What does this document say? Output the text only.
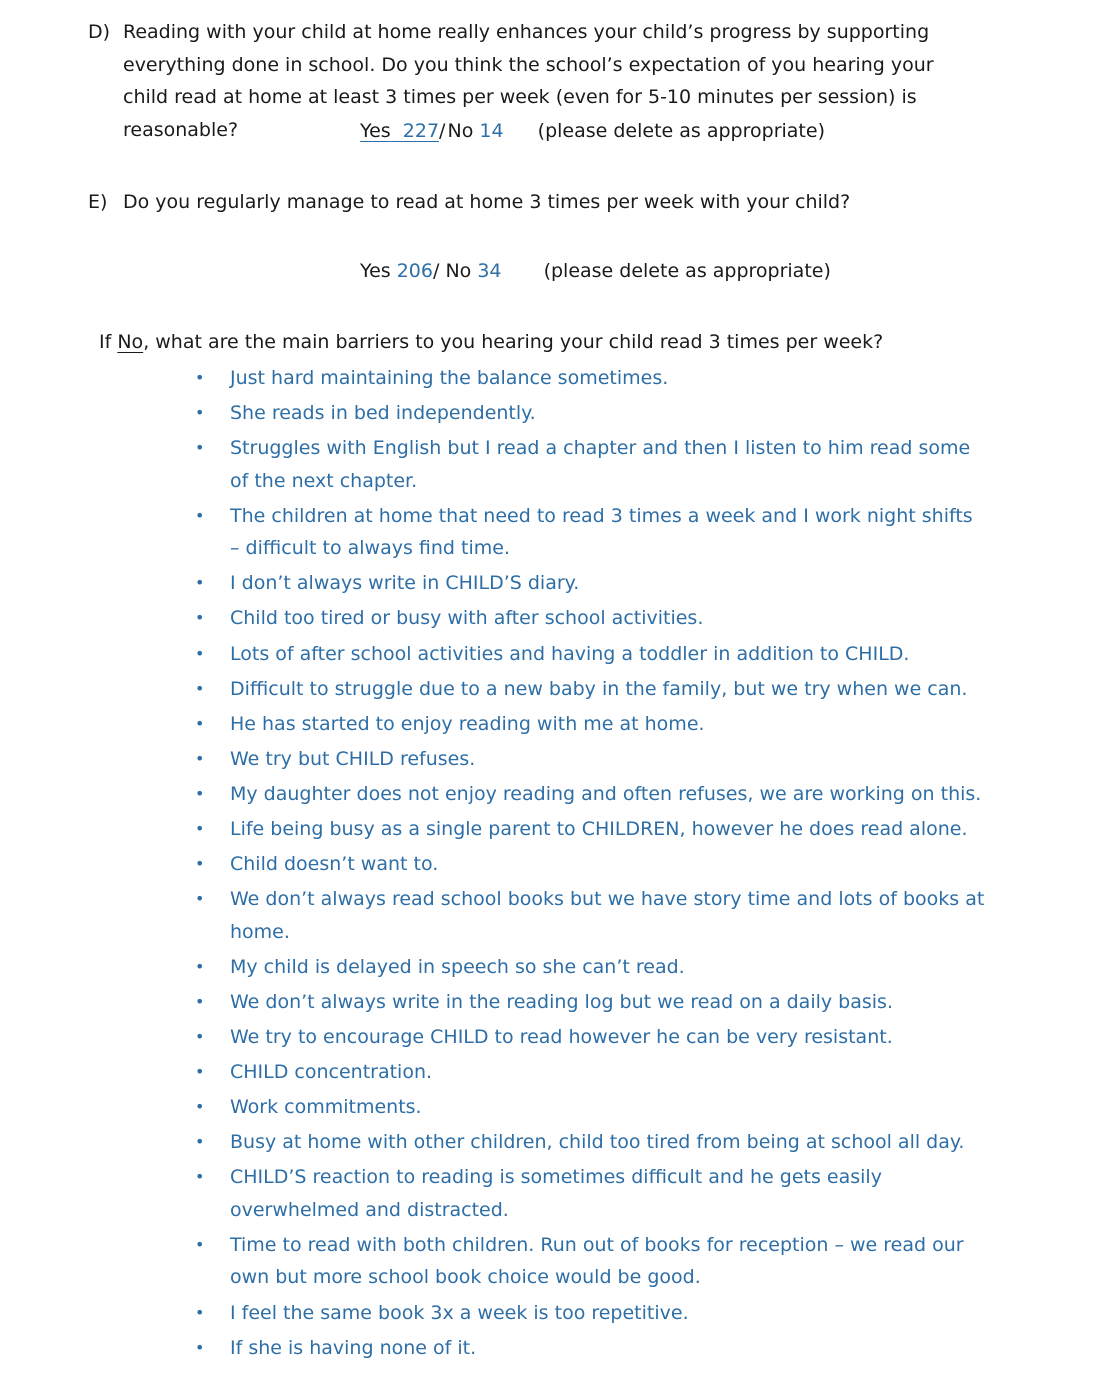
D) Reading with your child at home really enhances your child’s progress by supporting everything done in school. Do you think the school’s expectation of you hearing your child read at home at least 3 times per week (even for 5-10 minutes per session) is reasonable?	Yes 227/ No 14 (please delete as appropriate)
E) Do you regularly manage to read at home 3 times per week with your child?
Yes 206/ No 34 (please delete as appropriate)
If No, what are the main barriers to you hearing your child read 3 times per week?
• Just hard maintaining the balance sometimes.
• She reads in bed independently.
• Struggles with English but I read a chapter and then I listen to him read some of the next chapter.
• The children at home that need to read 3 times a week and I work night shifts – difficult to always find time.
• I don’t always write in CHILD’S diary.
• Child too tired or busy with after school activities.
• Lots of after school activities and having a toddler in addition to CHILD.
• Difficult to struggle due to a new baby in the family, but we try when we can.
• He has started to enjoy reading with me at home.
• We try but CHILD refuses.
• My daughter does not enjoy reading and often refuses, we are working on this.
• Life being busy as a single parent to CHILDREN, however he does read alone.
• Child doesn’t want to.
• We don’t always read school books but we have story time and lots of books at home.
• My child is delayed in speech so she can’t read.
• We don’t always write in the reading log but we read on a daily basis.
• We try to encourage CHILD to read however he can be very resistant.
• CHILD concentration.
• Work commitments.
• Busy at home with other children, child too tired from being at school all day.
• CHILD’S reaction to reading is sometimes difficult and he gets easily overwhelmed and distracted.
• Time to read with both children. Run out of books for reception – we read our own but more school book choice would be good.
• I feel the same book 3x a week is too repetitive.
• If she is having none of it.
